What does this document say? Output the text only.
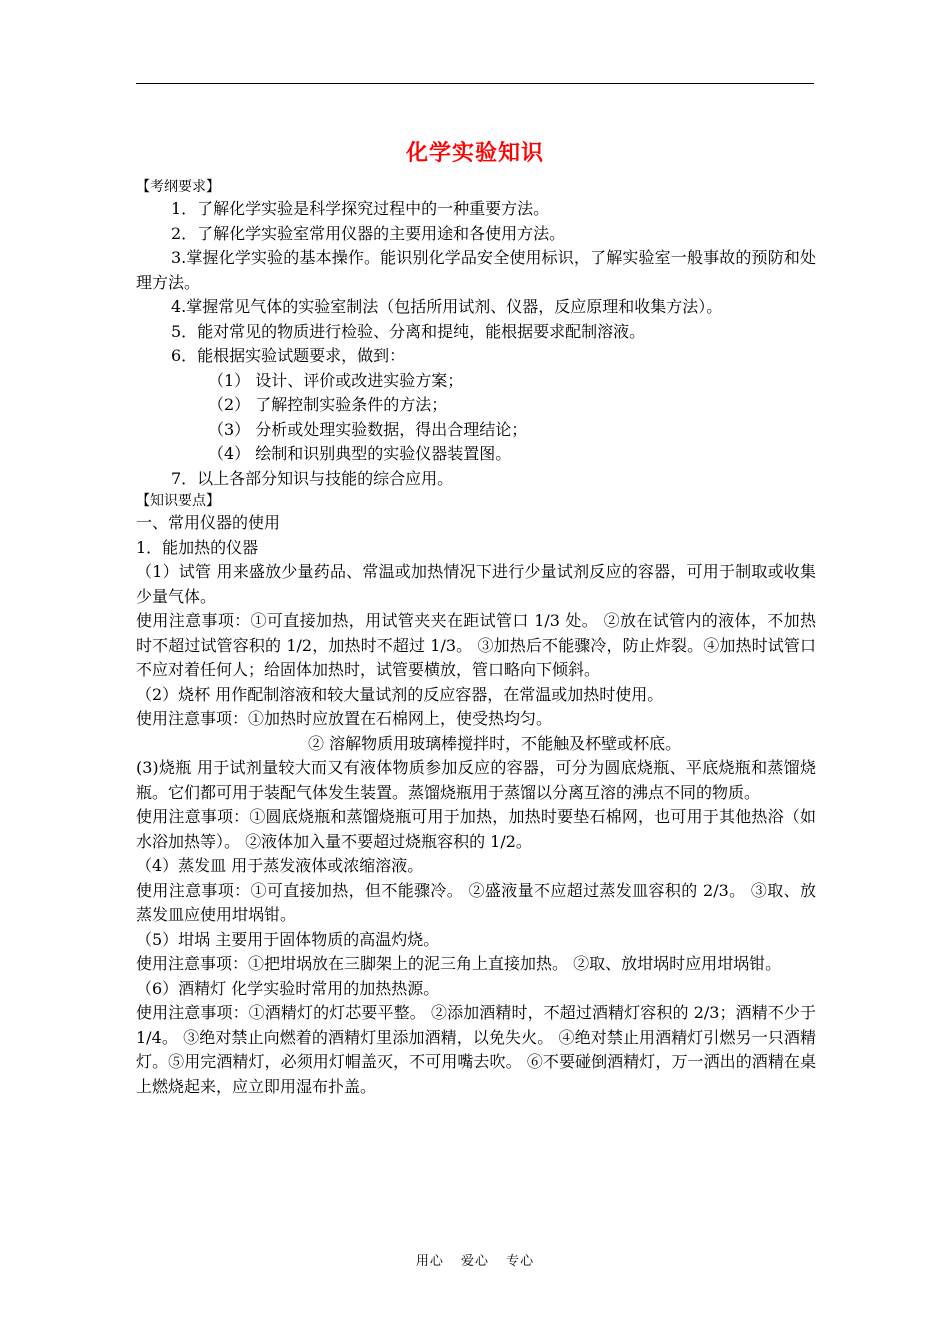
化学实验知识

【考纲要求】

1．了解化学实验是科学探究过程中的一种重要方法。

2．了解化学实验室常用仪器的主要用途和各使用方法。

3.掌握化学实验的基本操作。能识别化学品安全使用标识，了解实验室一般事故的预防和处理方法。

4.掌握常见气体的实验室制法（包括所用试剂、仪器，反应原理和收集方法）。

5．能对常见的物质进行检验、分离和提纯，能根据要求配制溶液。

6．能根据实验试题要求，做到：

（1） 设计、评价或改进实验方案；

（2） 了解控制实验条件的方法；

（3） 分析或处理实验数据，得出合理结论；

（4） 绘制和识别典型的实验仪器装置图。

7．以上各部分知识与技能的综合应用。

【知识要点】

一、常用仪器的使用

1．能加热的仪器

（1）试管 用来盛放少量药品、常温或加热情况下进行少量试剂反应的容器，可用于制取或收集少量气体。

使用注意事项：①可直接加热，用试管夹夹在距试管口 1/3 处。 ②放在试管内的液体，不加热时不超过试管容积的 1/2，加热时不超过 1/3。 ③加热后不能骤冷，防止炸裂。④加热时试管口不应对着任何人；给固体加热时，试管要横放，管口略向下倾斜。

（2）烧杯 用作配制溶液和较大量试剂的反应容器，在常温或加热时使用。

使用注意事项：①加热时应放置在石棉网上，使受热均匀。

② 溶解物质用玻璃棒搅拌时，不能触及杯壁或杯底。

(3)烧瓶 用于试剂量较大而又有液体物质参加反应的容器，可分为圆底烧瓶、平底烧瓶和蒸馏烧瓶。它们都可用于装配气体发生装置。蒸馏烧瓶用于蒸馏以分离互溶的沸点不同的物质。

使用注意事项：①圆底烧瓶和蒸馏烧瓶可用于加热，加热时要垫石棉网，也可用于其他热浴（如水浴加热等）。 ②液体加入量不要超过烧瓶容积的 1/2。

（4）蒸发皿 用于蒸发液体或浓缩溶液。

使用注意事项：①可直接加热，但不能骤冷。 ②盛液量不应超过蒸发皿容积的 2/3。 ③取、放蒸发皿应使用坩埚钳。

（5）坩埚 主要用于固体物质的高温灼烧。

使用注意事项：①把坩埚放在三脚架上的泥三角上直接加热。 ②取、放坩埚时应用坩埚钳。

（6）酒精灯 化学实验时常用的加热热源。

使用注意事项：①酒精灯的灯芯要平整。 ②添加酒精时，不超过酒精灯容积的 2/3；酒精不少于 1/4。 ③绝对禁止向燃着的酒精灯里添加酒精，以免失火。 ④绝对禁止用酒精灯引燃另一只酒精灯。⑤用完酒精灯，必须用灯帽盖灭，不可用嘴去吹。 ⑥不要碰倒酒精灯，万一洒出的酒精在桌上燃烧起来，应立即用湿布扑盖。

用心 爱心 专心
